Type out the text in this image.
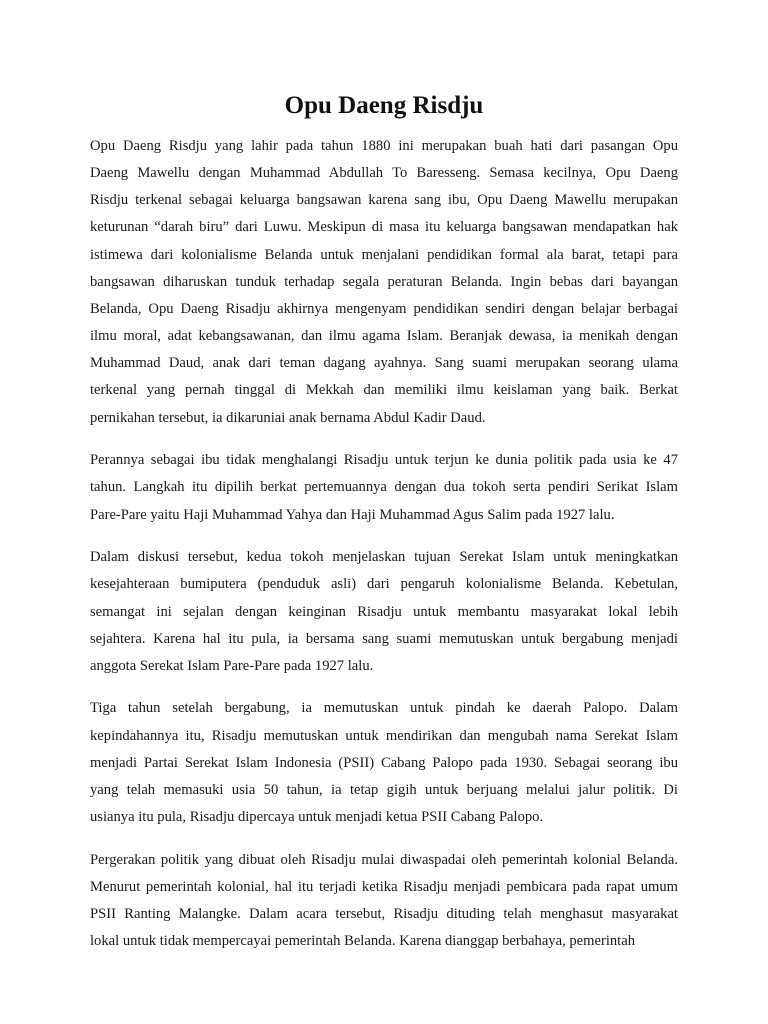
Opu Daeng Risdju

Opu Daeng Risdju yang lahir pada tahun 1880 ini merupakan buah hati dari pasangan Opu
Daeng Mawellu dengan Muhammad Abdullah To Baresseng. Semasa kecilnya, Opu Daeng
Risdju terkenal sebagai keluarga bangsawan karena sang ibu, Opu Daeng Mawellu merupakan
keturunan “darah biru” dari Luwu. Meskipun di masa itu keluarga bangsawan mendapatkan hak
istimewa dari kolonialisme Belanda untuk menjalani pendidikan formal ala barat, tetapi para
bangsawan diharuskan tunduk terhadap segala peraturan Belanda. Ingin bebas dari bayangan
Belanda, Opu Daeng Risadju akhirnya mengenyam pendidikan sendiri dengan belajar berbagai
ilmu moral, adat kebangsawanan, dan ilmu agama Islam. Beranjak dewasa, ia menikah dengan
Muhammad Daud, anak dari teman dagang ayahnya. Sang suami merupakan seorang ulama
terkenal yang pernah tinggal di Mekkah dan memiliki ilmu keislaman yang baik. Berkat
pernikahan tersebut, ia dikaruniai anak bernama Abdul Kadir Daud.

Perannya sebagai ibu tidak menghalangi Risadju untuk terjun ke dunia politik pada usia ke 47
tahun. Langkah itu dipilih berkat pertemuannya dengan dua tokoh serta pendiri Serikat Islam
Pare-Pare yaitu Haji Muhammad Yahya dan Haji Muhammad Agus Salim pada 1927 lalu.

Dalam diskusi tersebut, kedua tokoh menjelaskan tujuan Serekat Islam untuk meningkatkan
kesejahteraan bumiputera (penduduk asli) dari pengaruh kolonialisme Belanda. Kebetulan,
semangat ini sejalan dengan keinginan Risadju untuk membantu masyarakat lokal lebih
sejahtera. Karena hal itu pula, ia bersama sang suami memutuskan untuk bergabung menjadi
anggota Serekat Islam Pare-Pare pada 1927 lalu.

Tiga tahun setelah bergabung, ia memutuskan untuk pindah ke daerah Palopo. Dalam
kepindahannya itu, Risadju memutuskan untuk mendirikan dan mengubah nama Serekat Islam
menjadi Partai Serekat Islam Indonesia (PSII) Cabang Palopo pada 1930. Sebagai seorang ibu
yang telah memasuki usia 50 tahun, ia tetap gigih untuk berjuang melalui jalur politik. Di
usianya itu pula, Risadju dipercaya untuk menjadi ketua PSII Cabang Palopo.

Pergerakan politik yang dibuat oleh Risadju mulai diwaspadai oleh pemerintah kolonial Belanda.
Menurut pemerintah kolonial, hal itu terjadi ketika Risadju menjadi pembicara pada rapat umum
PSII Ranting Malangke. Dalam acara tersebut, Risadju dituding telah menghasut masyarakat
lokal untuk tidak mempercayai pemerintah Belanda. Karena dianggap berbahaya, pemerintah
